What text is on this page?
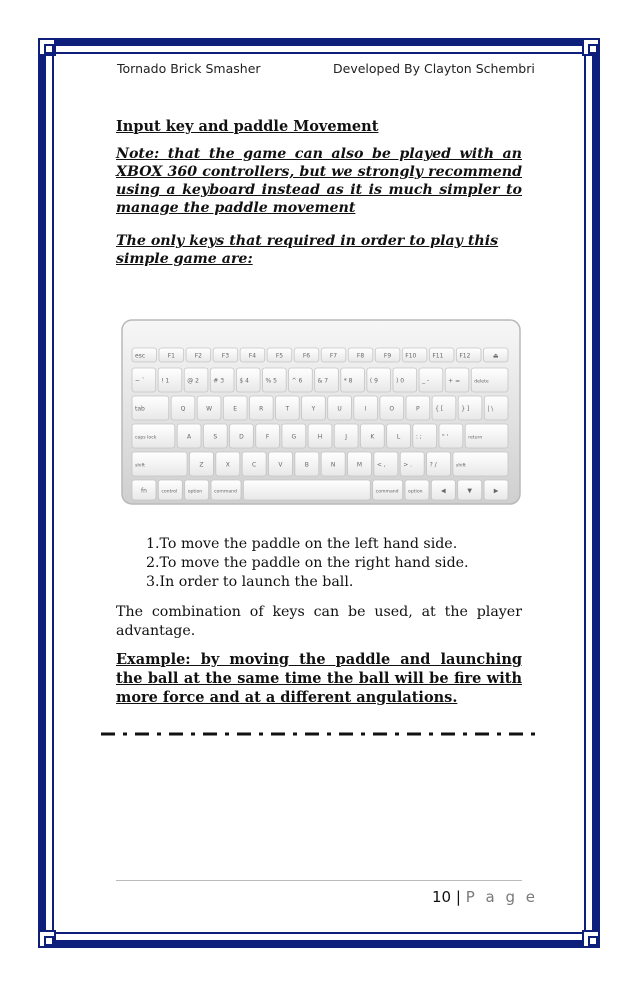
Tornado Brick Smasher	Developed By Clayton Schembri
Input key and paddle Movement
Note: that the game can also be played with an XBOX 360 controllers, but we strongly recommend using a keyboard instead as it is much simpler to manage the paddle movement
The only keys that required in order to play this simple game are:
esc	F1	F2	F3	F4	F5	F6	F7	F8	F9 F10	F11	F12	⏏
~ `	! 1	@ 2 # 3	$ 4	% 5 ^ 6	& 7	* 8	( 9	) 0	_ -	+ =	delete
tab	Q	W	E	R	T	Y	U	I	O	P	{ [	} ]	| \
caps lock	A	S	D	F	G	H	J	K	L	: ;	" '	return
shift	Z	X	C	V	B	N	M < ,	> .	? /	shift
fn	control option	command	command option	◀	▼	▶
1.To move the paddle on the left hand side.
2.To move the paddle on the right hand side.
3.In order to launch the ball.
The combination of keys can be used, at the player advantage.
Example: by moving the paddle and launching the ball at the same time the ball will be fire with more force and at a different angulations.
10 | P a g e
